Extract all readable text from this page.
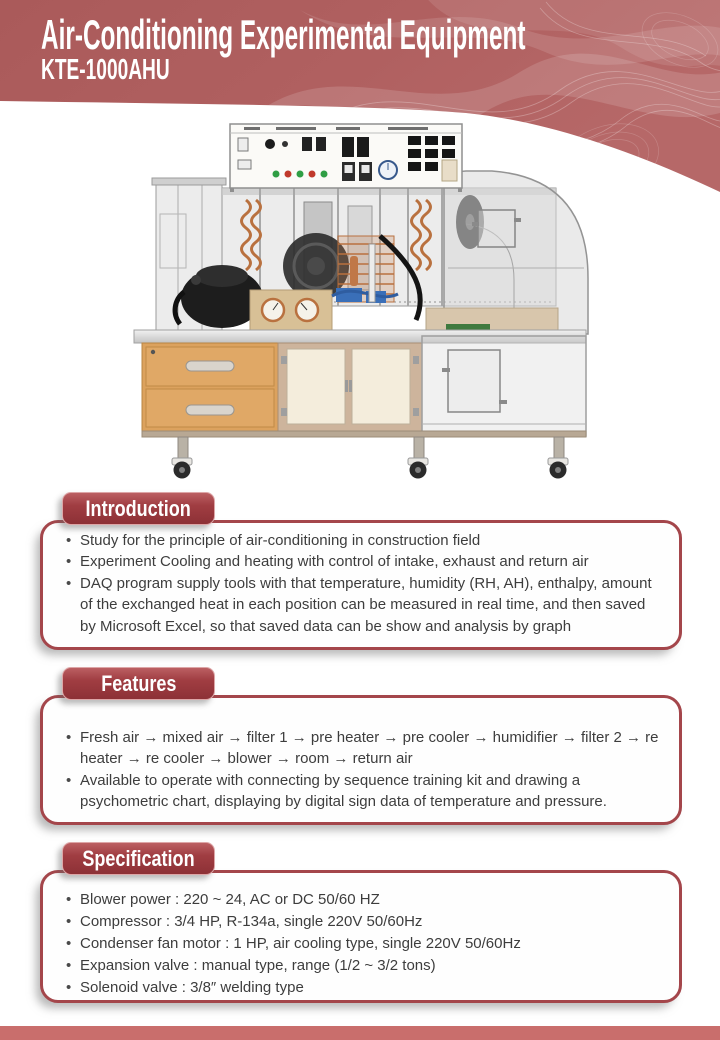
Air-Conditioning Experimental Equipment
KTE-1000AHU
Introduction
• Study for the principle of air-conditioning in construction field
• Experiment Cooling and heating with control of intake, exhaust and return air
• DAQ program supply tools with that temperature, humidity (RH, AH), enthalpy, amount of the exchanged heat in each position can be measured in real time, and then saved by Microsoft Excel, so that saved data can be show and analysis by graph
Features
• Fresh air → mixed air → filter 1 → pre heater → pre cooler → humidifier → filter 2 → re heater → re cooler → blower → room → return air
• Available to operate with connecting by sequence training kit and drawing a psychometric chart, displaying by digital sign data of temperature and pressure.
Specification
• Blower power : 220 ~ 24, AC or DC 50/60 HZ
• Compressor : 3/4 HP, R-134a, single 220V 50/60Hz
• Condenser fan motor : 1 HP, air cooling type, single 220V 50/60Hz
• Expansion valve : manual type, range (1/2 ~ 3/2 tons)
• Solenoid valve : 3/8″ welding type
